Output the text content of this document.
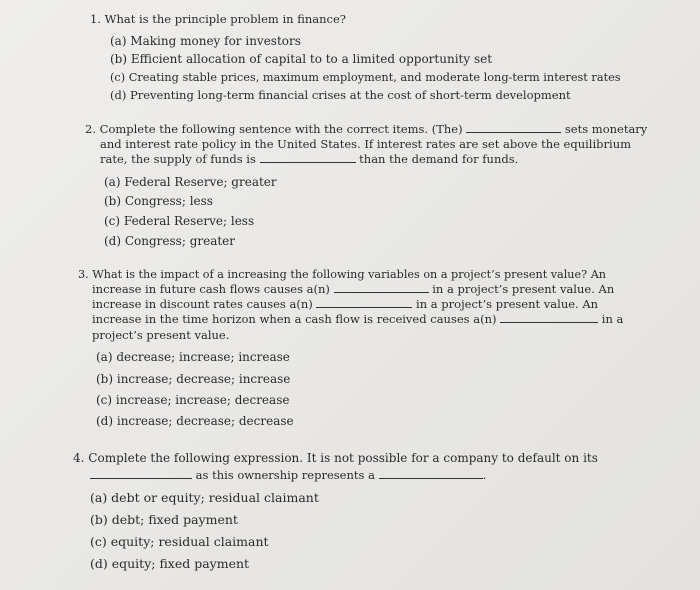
1. What is the principle problem in finance?
(a) Making money for investors
(b) Efficient allocation of capital to to a limited opportunity set
(c) Creating stable prices, maximum employment, and moderate long-term interest rates
(d) Preventing long-term financial crises at the cost of short-term development
2. Complete the following sentence with the correct items. (The)	sets monetary
and interest rate policy in the United States. If interest rates are set above the equilibrium
rate, the supply of funds is	than the demand for funds.
(a) Federal Reserve; greater
(b) Congress; less
(c) Federal Reserve; less
(d) Congress; greater
3. What is the impact of a increasing the following variables on a project’s present value? An
increase in future cash flows causes a(n)	in a project’s present value. An
increase in discount rates causes a(n)	in a project’s present value. An
increase in the time horizon when a cash flow is received causes a(n)	in a
project’s present value.
(a) decrease; increase; increase
(b) increase; decrease; increase
(c) increase; increase; decrease
(d) increase; decrease; decrease
4. Complete the following expression. It is not possible for a company to default on its
as this ownership represents a	.
(a) debt or equity; residual claimant
(b) debt; fixed payment
(c) equity; residual claimant
(d) equity; fixed payment
